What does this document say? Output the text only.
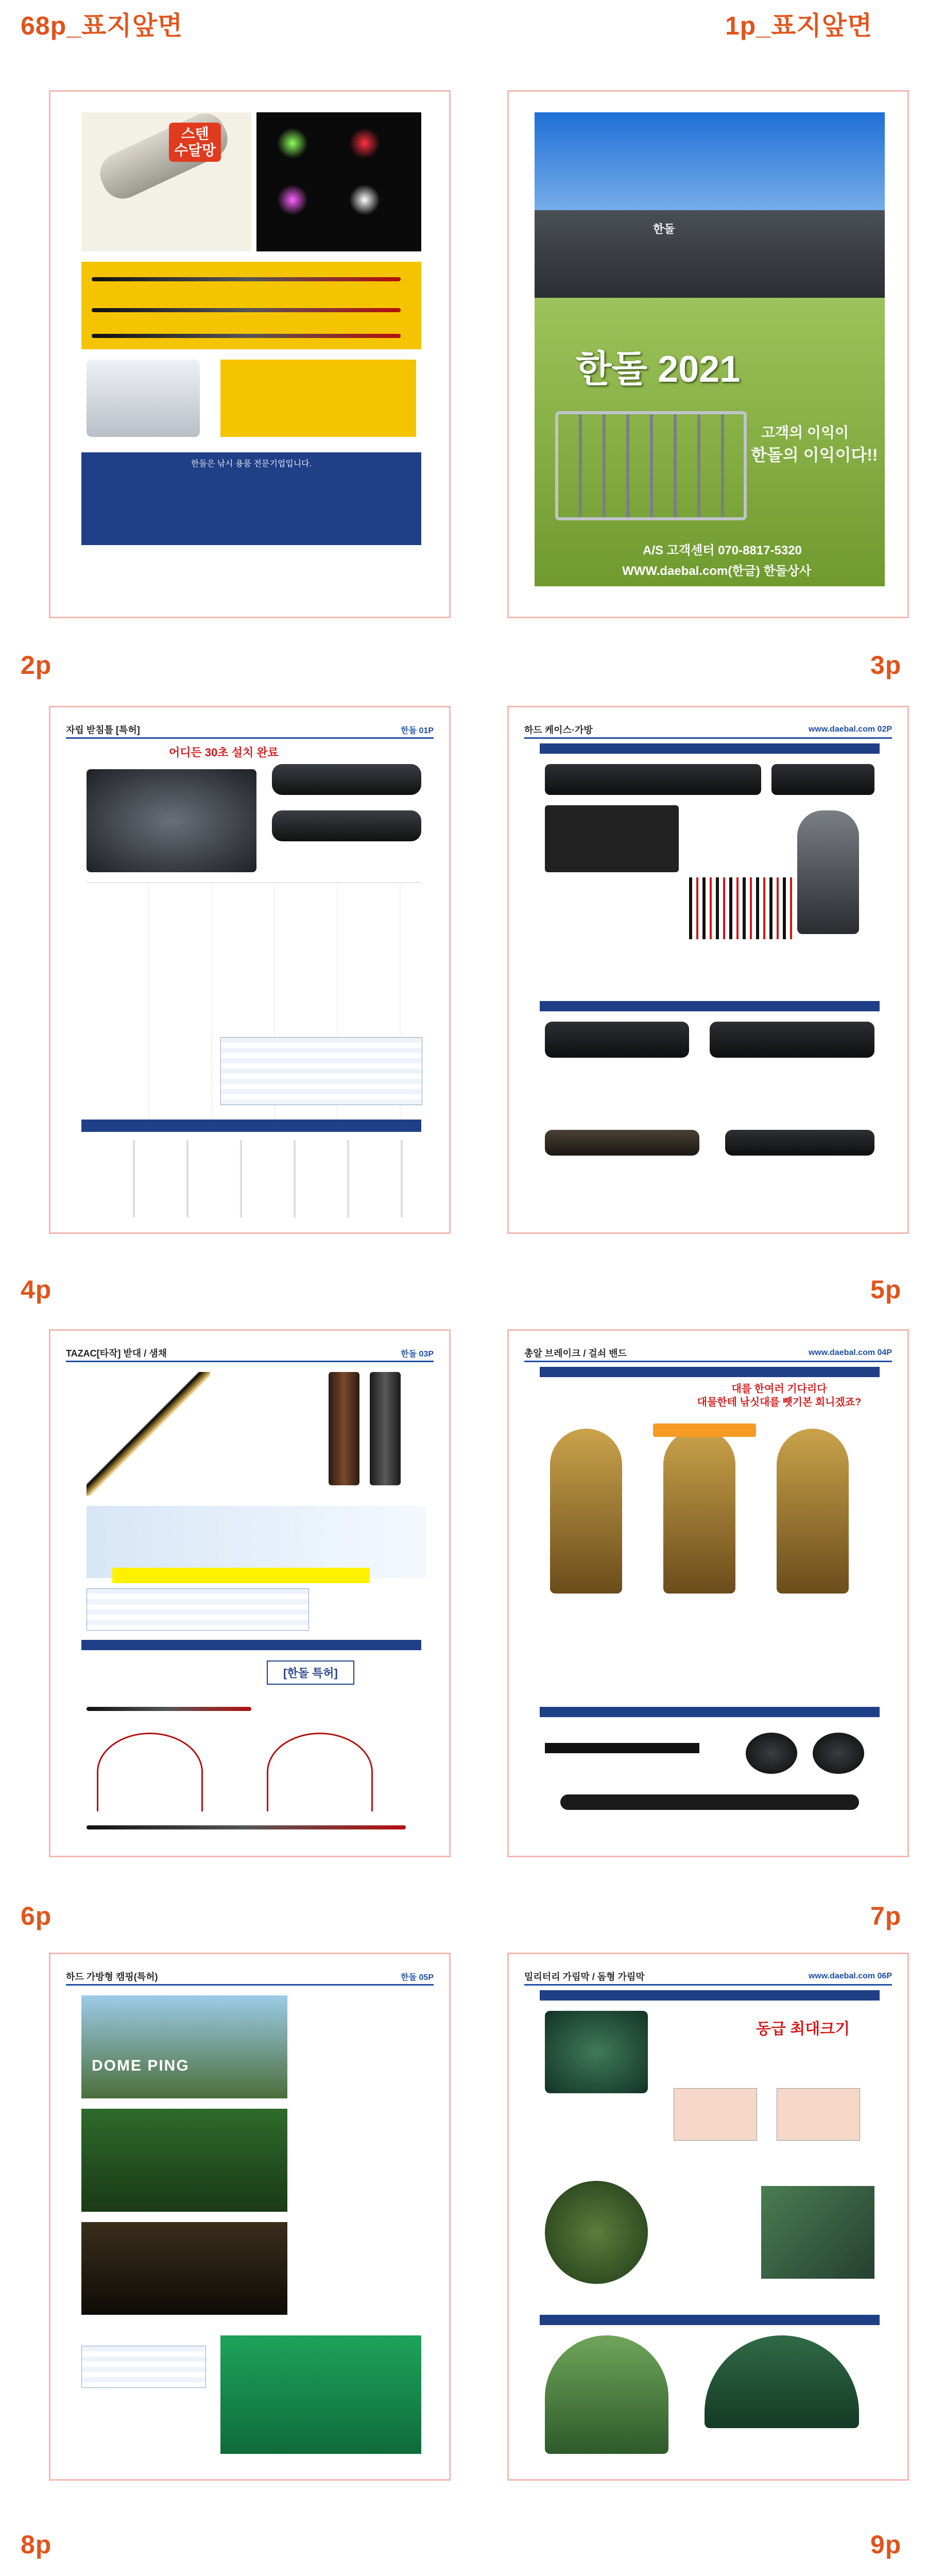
68p_표지앞면	1p_표지앞면
2p	3p
4p	5p
6p	7p
8p	9p
스텐
수달망
한돌은 낚시 용품 전문기업입니다.
한돌
한돌 2021
고객의 이익이
한돌의 이익이다!!
A/S 고객센터 070-8817-5320
WWW.daebal.com(한글) 한돌상사
자립 받침틀 [특허]	한돌 01P
어디든 30초 설치 완료
하드 케이스·가방	www.daebal.com 02P
TAZAC[타작] 받대 / 샘채	한돌 03P
[한돌 특허]
총알 브레이크 / 걸쇠 밴드	www.daebal.com 04P
대를 한여러 기다리다
대물한테 낚싯대를 뺏기본 회니겠죠?
하드 가방형 캠핑(특허)	한돌 05P
DOME PING
밀리터리 가림막 / 돔형 가림막	www.daebal.com 06P
동급 최대크기
